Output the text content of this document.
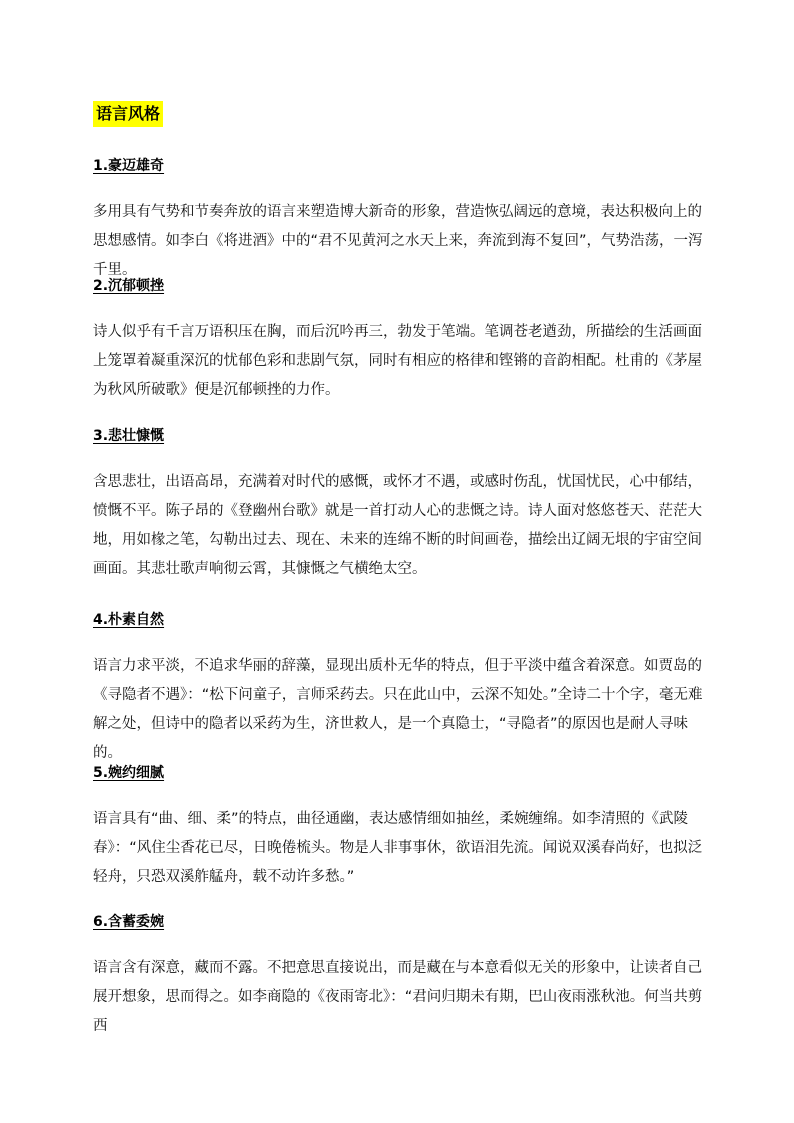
语言风格
1.豪迈雄奇
多用具有气势和节奏奔放的语言来塑造博大新奇的形象，营造恢弘阔远的意境，表达积极向上的思想感情。如李白《将进酒》中的“君不见黄河之水天上来，奔流到海不复回”，气势浩荡，一泻千里。
2.沉郁顿挫
诗人似乎有千言万语积压在胸，而后沉吟再三，勃发于笔端。笔调苍老遒劲，所描绘的生活画面上笼罩着凝重深沉的忧郁色彩和悲剧气氛，同时有相应的格律和铿锵的音韵相配。杜甫的《茅屋为秋风所破歌》便是沉郁顿挫的力作。
3.悲壮慷慨
含思悲壮，出语高昂，充满着对时代的感慨，或怀才不遇，或感时伤乱，忧国忧民，心中郁结，愤慨不平。陈子昂的《登幽州台歌》就是一首打动人心的悲慨之诗。诗人面对悠悠苍天、茫茫大地，用如椽之笔，勾勒出过去、现在、未来的连绵不断的时间画卷，描绘出辽阔无垠的宇宙空间画面。其悲壮歌声响彻云霄，其慷慨之气横绝太空。
4.朴素自然
语言力求平淡，不追求华丽的辞藻，显现出质朴无华的特点，但于平淡中蕴含着深意。如贾岛的《寻隐者不遇》：“松下问童子，言师采药去。只在此山中，云深不知处。”全诗二十个字，毫无难解之处，但诗中的隐者以采药为生，济世救人，是一个真隐士，“寻隐者”的原因也是耐人寻味的。
5.婉约细腻
语言具有“曲、细、柔”的特点，曲径通幽，表达感情细如抽丝，柔婉缠绵。如李清照的《武陵春》：“风住尘香花已尽，日晚倦梳头。物是人非事事休，欲语泪先流。闻说双溪春尚好，也拟泛轻舟，只恐双溪舴艋舟，载不动许多愁。”
6.含蓄委婉
语言含有深意，藏而不露。不把意思直接说出，而是藏在与本意看似无关的形象中，让读者自己展开想象，思而得之。如李商隐的《夜雨寄北》：“君问归期未有期，巴山夜雨涨秋池。何当共剪西
